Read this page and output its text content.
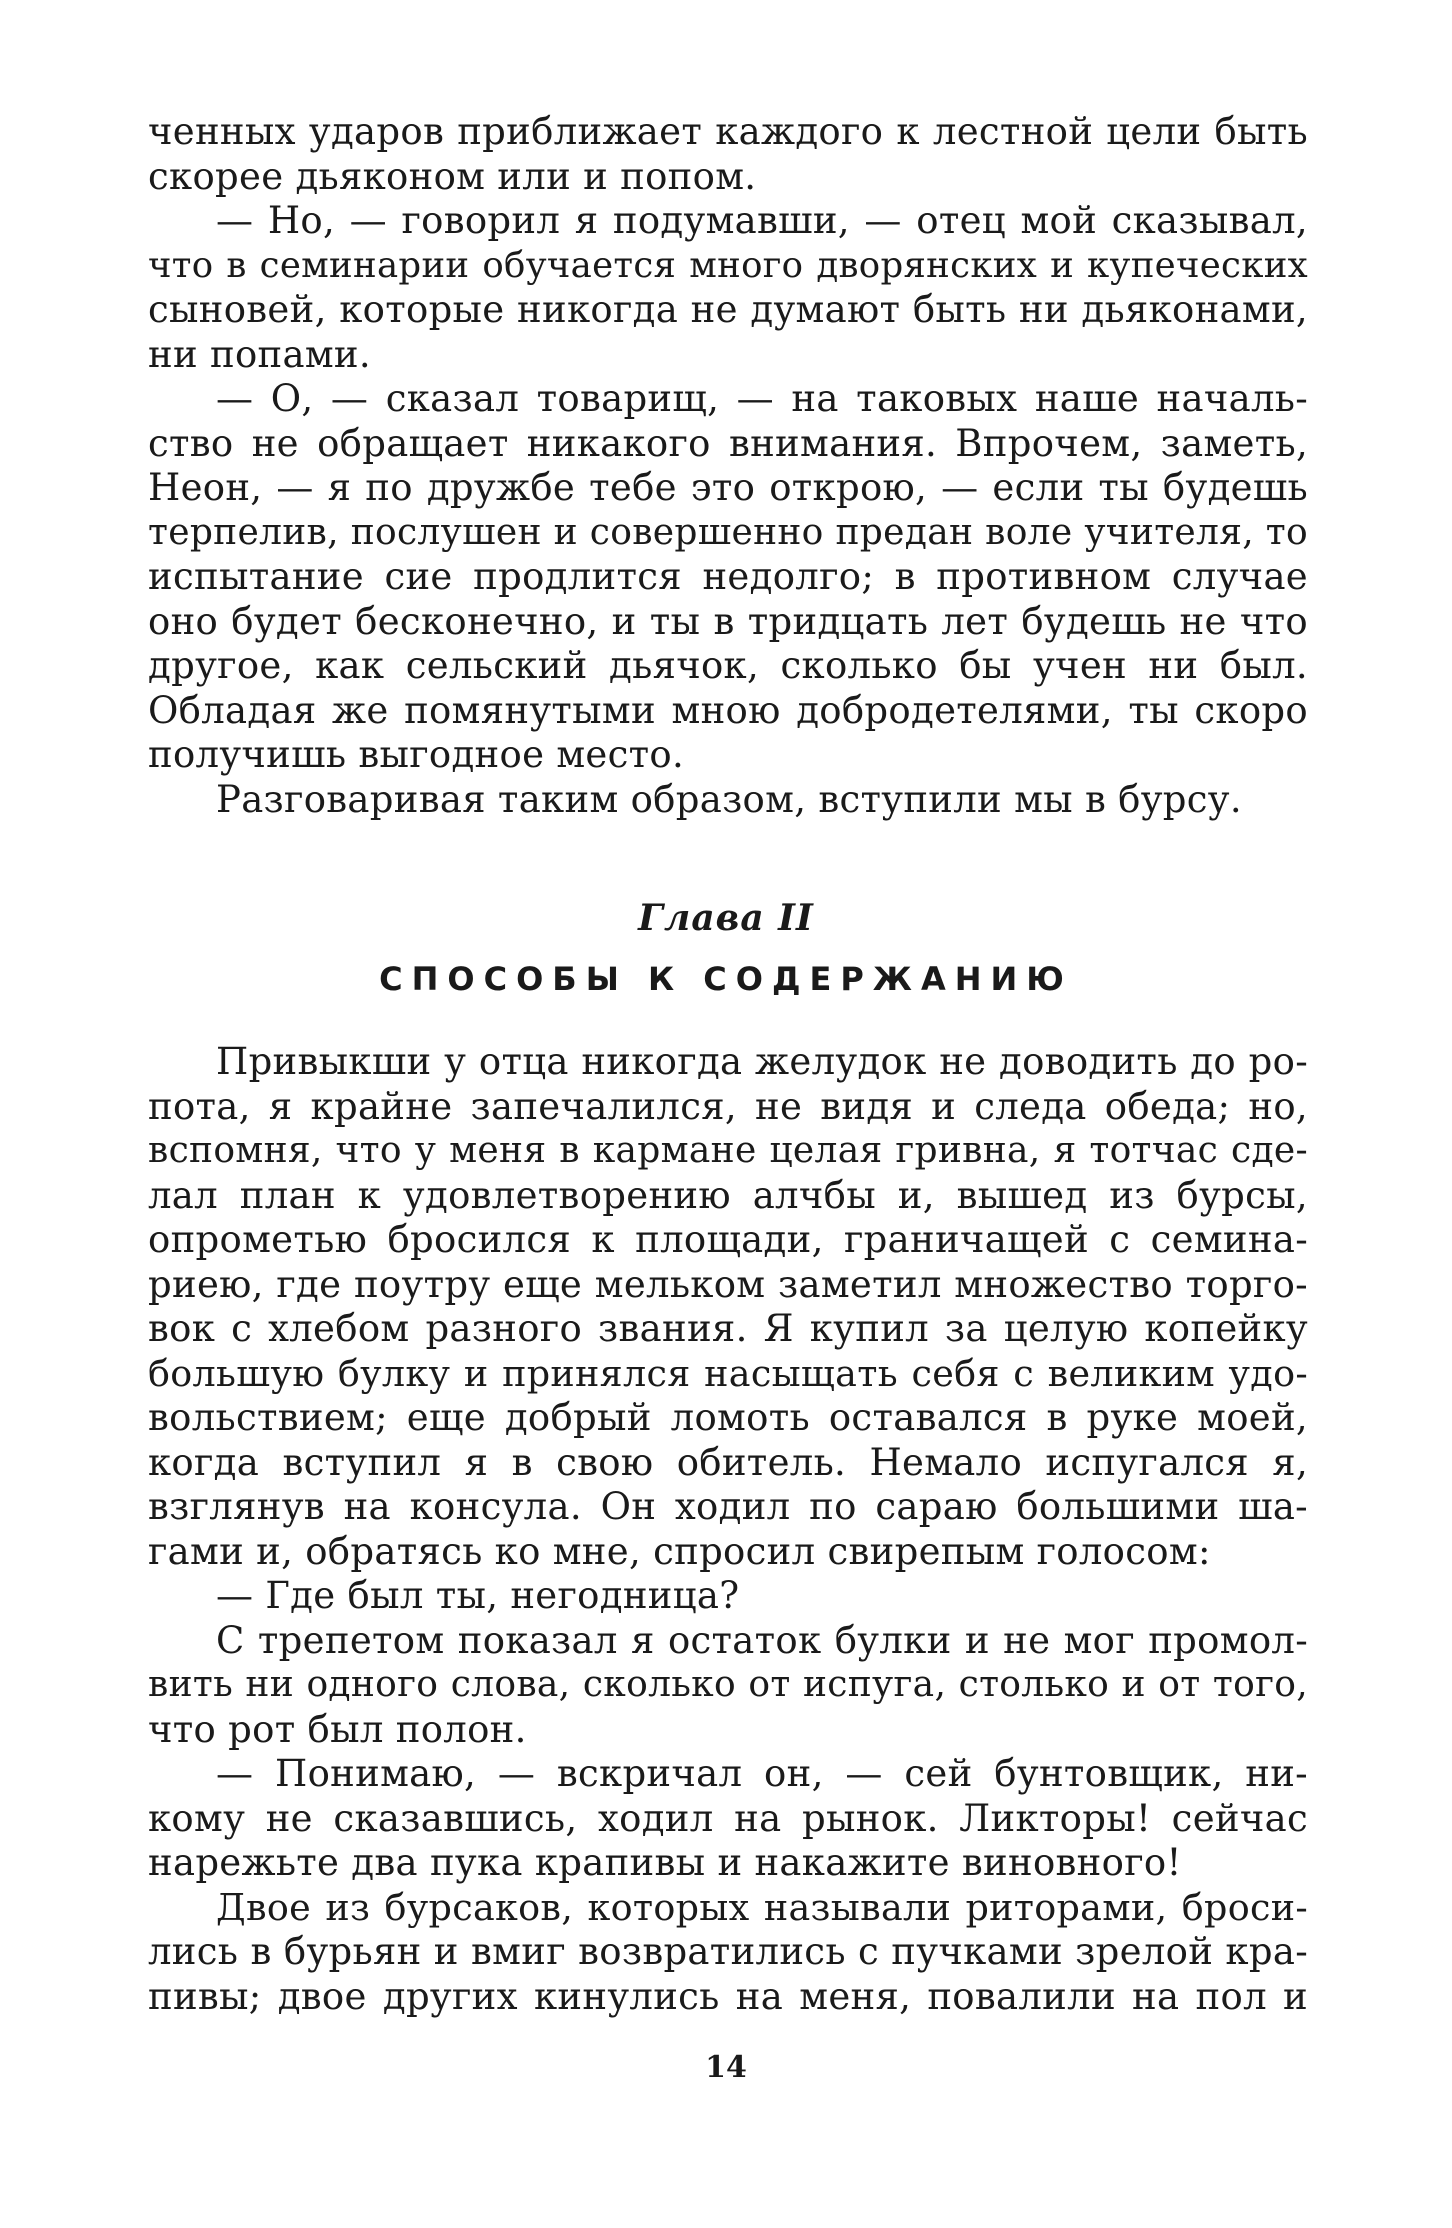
ченных ударов приближает каждого к лестной цели быть
скорее дьяконом или и попом.
— Но, — говорил я подумавши, — отец мой сказывал,
что в семинарии обучается много дворянских и купеческих
сыновей, которые никогда не думают быть ни дьяконами,
ни попами.
— О, — сказал товарищ, — на таковых наше началь-
ство не обращает никакого внимания. Впрочем, заметь,
Неон, — я по дружбе тебе это открою, — если ты будешь
терпелив, послушен и совершенно предан воле учителя, то
испытание сие продлится недолго; в противном случае
оно будет бесконечно, и ты в тридцать лет будешь не что
другое, как сельский дьячок, сколько бы учен ни был.
Обладая же помянутыми мною добродетелями, ты скоро
получишь выгодное место.
Разговаривая таким образом, вступили мы в бурсу.
Глава II
СПОСОБЫ К СОДЕРЖАНИЮ
Привыкши у отца никогда желудок не доводить до ро-
пота, я крайне запечалился, не видя и следа обеда; но,
вспомня, что у меня в кармане целая гривна, я тотчас сде-
лал план к удовлетворению алчбы и, вышед из бурсы,
опрометью бросился к площади, граничащей с семина-
риею, где поутру еще мельком заметил множество торго-
вок с хлебом разного звания. Я купил за целую копейку
большую булку и принялся насыщать себя с великим удо-
вольствием; еще добрый ломоть оставался в руке моей,
когда вступил я в свою обитель. Немало испугался я,
взглянув на консула. Он ходил по сараю большими ша-
гами и, обратясь ко мне, спросил свирепым голосом:
— Где был ты, негодница?
С трепетом показал я остаток булки и не мог промол-
вить ни одного слова, сколько от испуга, столько и от того,
что рот был полон.
— Понимаю, — вскричал он, — сей бунтовщик, ни-
кому не сказавшись, ходил на рынок. Ликторы! сейчас
нарежьте два пука крапивы и накажите виновного!
Двое из бурсаков, которых называли риторами, броси-
лись в бурьян и вмиг возвратились с пучками зрелой кра-
пивы; двое других кинулись на меня, повалили на пол и
14
